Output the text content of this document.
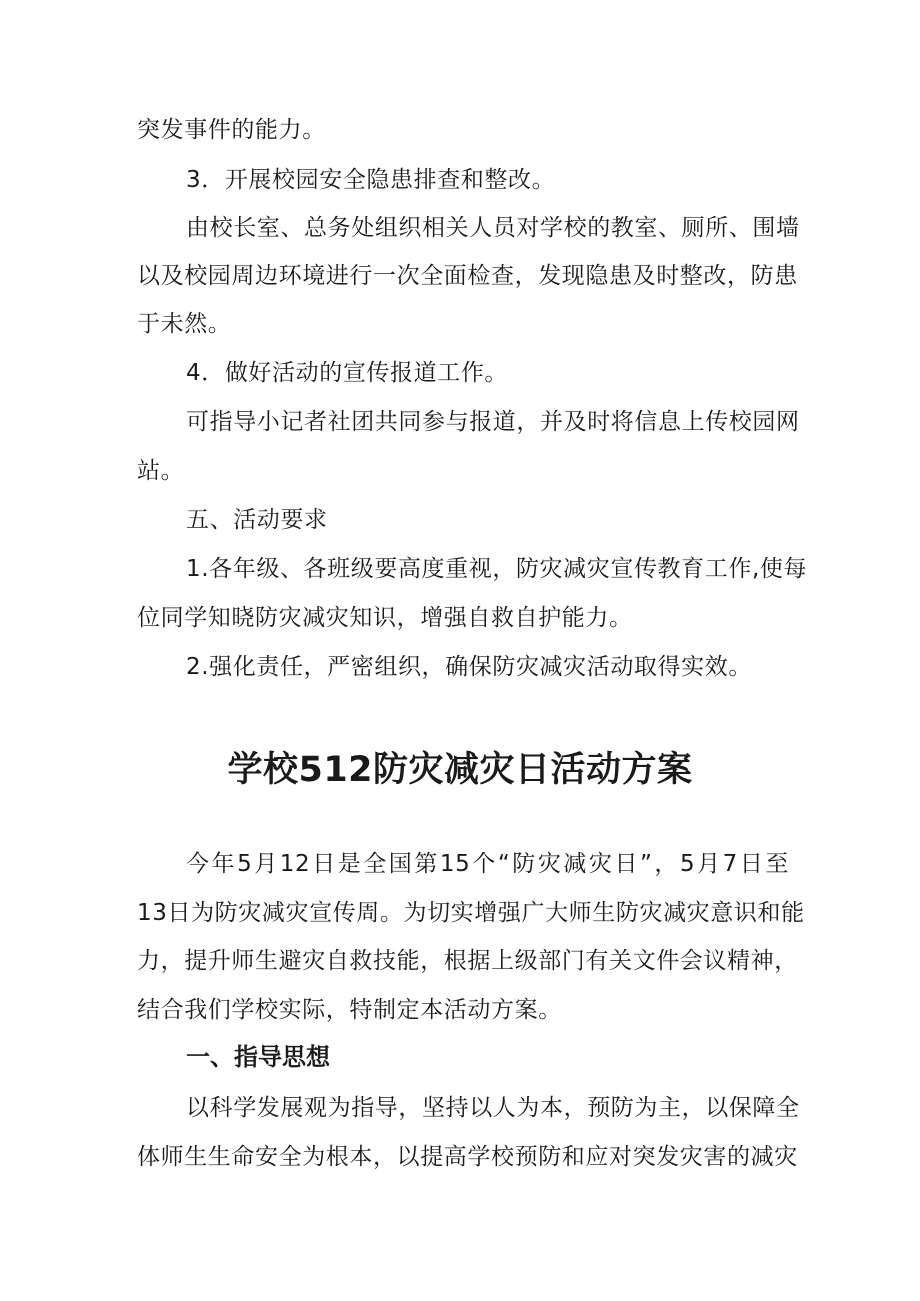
突发事件的能力。
3．开展校园安全隐患排查和整改。
由校长室、总务处组织相关人员对学校的教室、厕所、围墙
以及校园周边环境进行一次全面检查，发现隐患及时整改，防患
于未然。
4．做好活动的宣传报道工作。
可指导小记者社团共同参与报道，并及时将信息上传校园网
站。
五、活动要求
1.各年级、各班级要高度重视，防灾减灾宣传教育工作,使每
位同学知晓防灾减灾知识，增强自救自护能力。
2.强化责任，严密组织，确保防灾减灾活动取得实效。
学校512防灾减灾日活动方案
今年5月12日是全国第15个“防灾减灾日”，5月7日至
13日为防灾减灾宣传周。为切实增强广大师生防灾减灾意识和能
力，提升师生避灾自救技能，根据上级部门有关文件会议精神，
结合我们学校实际，特制定本活动方案。
一、指导思想
以科学发展观为指导，坚持以人为本，预防为主，以保障全
体师生生命安全为根本，以提高学校预防和应对突发灾害的减灾
